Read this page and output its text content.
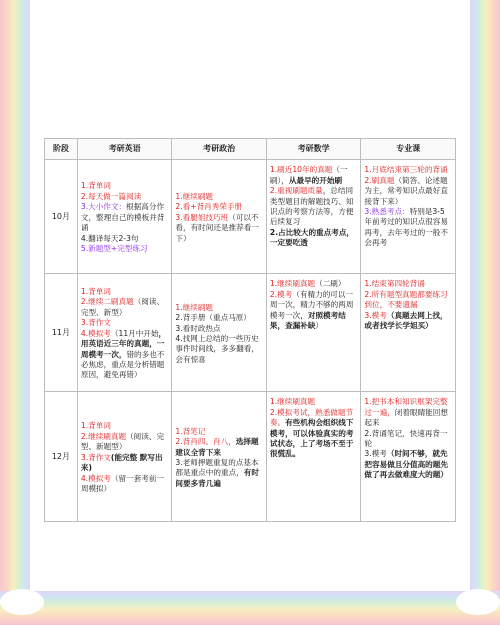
阶段	考研英语	考研政治	考研数学	专业课
10月	1.背单词
2.每天做一篇阅读
3.大小作文：根据高分作文，整理自己的模板并背诵
4.翻译每天2-3句
5.新题型+完型练习	1.继续刷题
2.看+背肖秀荣手册
3.看腿姐技巧班（可以不看，有时间还是推荐看一下）	1.刷近10年的真题（一刷），从最早的开始刷
2.重视刷题质量，总结同类型题目的解题技巧、知识点的考察方法等，方便后续复习
2.占比较大的重点考点，一定要吃透	1.月底结束第三轮的背诵
2.刷真题（简答、论述题为主，常考知识点最好直接背下来）
3.熟悉考点：特别是3-5年前考过的知识点很容易再考，去年考过的一般不会再考

11月	1.背单词
2.继续二刷真题（阅读、完型、新型）
3.背作文
4.模拟考（11月中开始，用英语近三年的真题，一周模考一次，错的多也不必焦虑，重点是分析错题原因，避免再错）	1.继续刷题
2.背手册（重点马原）
3.看时政热点
4.找网上总结的一些历史事件时间线，多多翻看，会有惊喜	1.继续刷真题（二刷）
2.模考（有精力的可以一周一次，精力不够的两周模考一次，对照模考结果，查漏补缺）	1.结束第四轮背诵
2.所有题型真题都要练习到位，不要遗漏
3.模考（真题去网上找，或者找学长学姐买）

12月	1.背单词
2.继续刷真题（阅读、完型、新题型）
3.背作文(能完整 默写出来)
4.模拟考（留一套考前一周模拟）	1.背笔记
2.背肖四、肖八，选择题建议全背下来
3.老师押题重复的点基本都是重点中的重点，有时间要多背几遍	1.继续刷真题
2.模拟考试，熟悉做题节奏。有些机构会组织线下模考，可以体验真实的考试状态，上了考场不至于很慌乱。	1.把书本和知识框架完整过一遍，闭着眼睛能回想起来
2.背诵笔记，快速再背一轮
3.模考（时间不够，就先把容易做且分值高的题先做了再去做难度大的题）
